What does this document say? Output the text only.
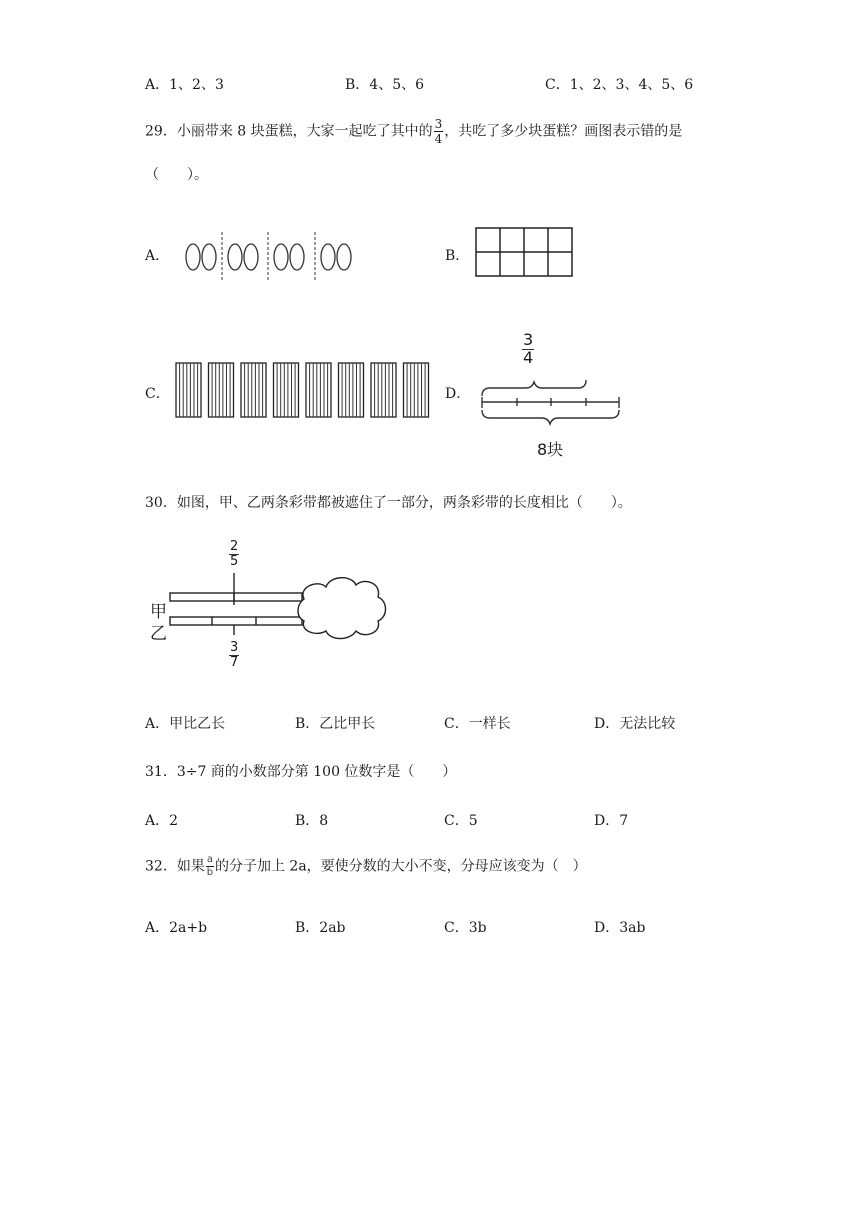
A．1、2、3	B．4、5、6	C．1、2、3、4、5、6
29．小丽带来 8 块蛋糕，大家一起吃了其中的 $\frac{3}{4}$ ，共吃了多少块蛋糕？画图表示错的是
（　　）。
A．	B．
C．	D．
$\frac{3}{4}$
8块
30．如图，甲、乙两条彩带都被遮住了一部分，两条彩带的长度相比（　　）。
$\frac{2}{5}$
甲
乙
$\frac{3}{7}$
A．甲比乙长	B．乙比甲长	C．一样长	D．无法比较
31．3÷7 商的小数部分第 100 位数字是（　　）
A．2	B．8	C．5	D．7
32．如果 $\frac{a}{b}$ 的分子加上 2a，要使分数的大小不变，分母应该变为（　）
A．2a+b	B．2ab	C．3b	D．3ab
